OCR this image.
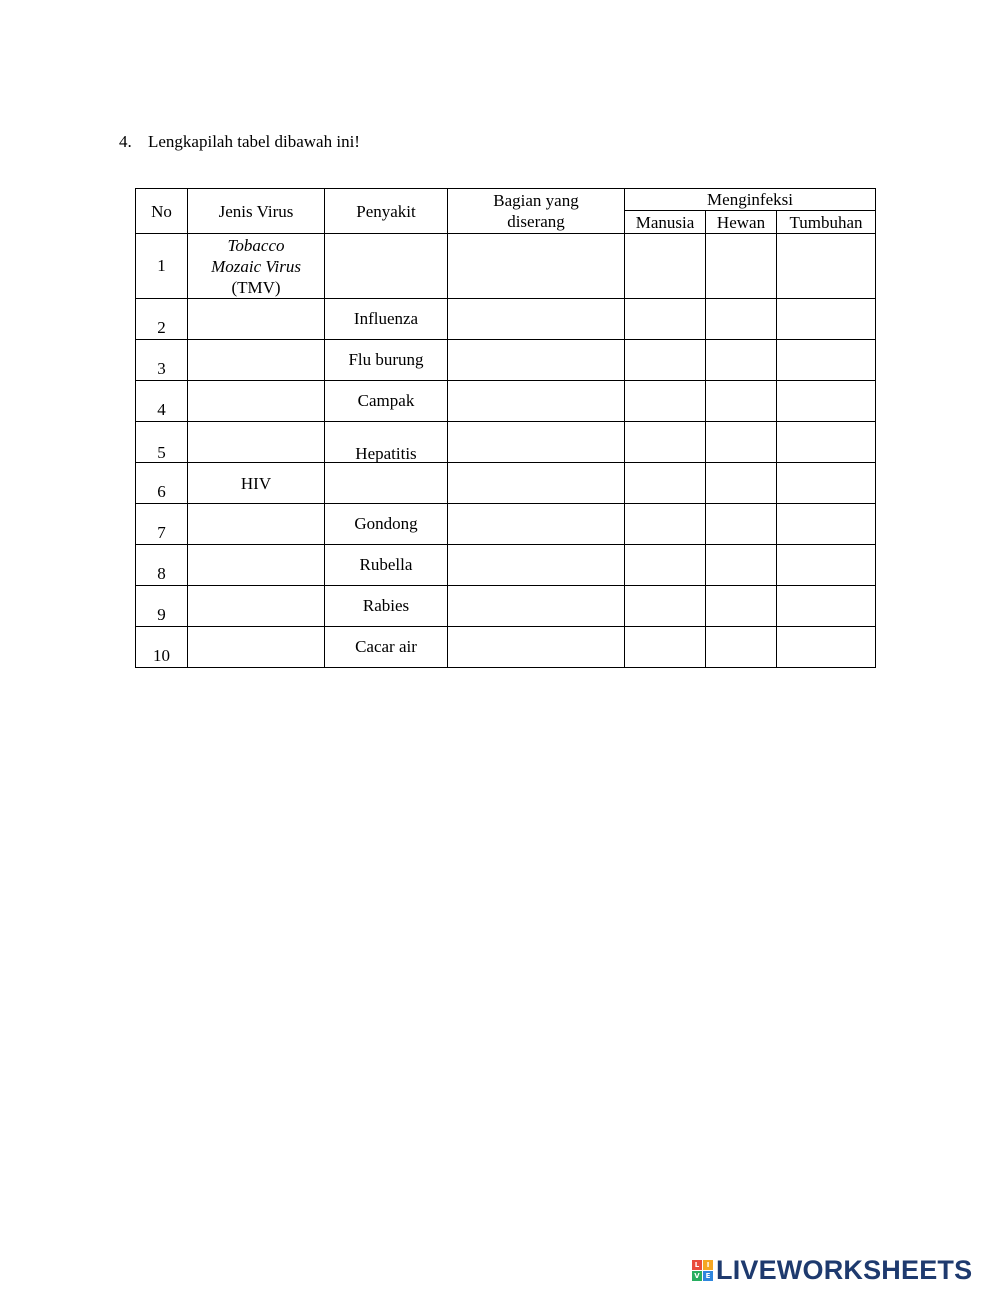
4. Lengkapilah tabel dibawah ini!

No	Jenis Virus	Penyakit	Bagian yang diserang	Menginfeksi		
				Manusia	Hewan	Tumbuhan
1	Tobacco Mozaic Virus
(TMV)					
2		Influenza				
3		Flu burung				
4		Campak				
5		Hepatitis				
6	HIV					
7		Gondong				
8		Rubella				
9		Rabies				
10		Cacar air				
L	I
V E LIVEWORKSHEETS
